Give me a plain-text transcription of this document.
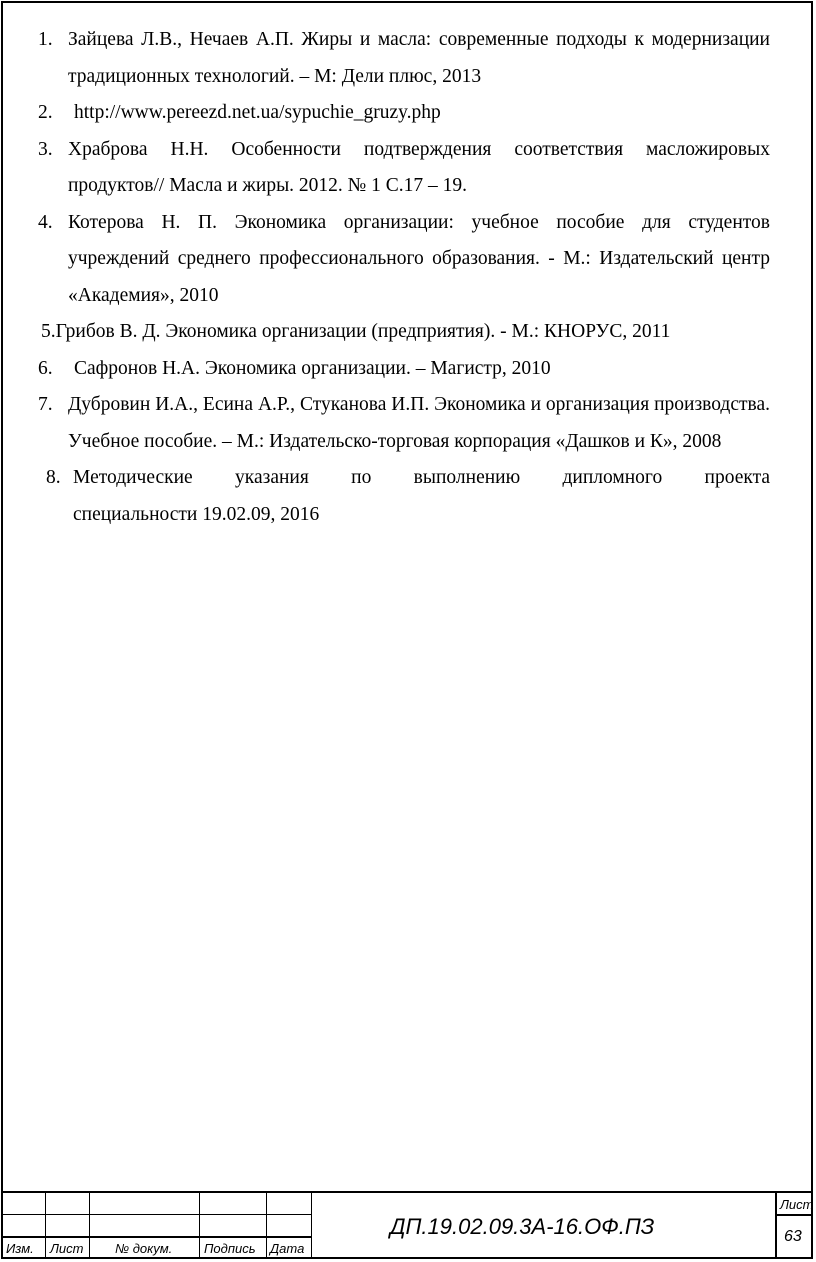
1. Зайцева Л.В., Нечаев А.П. Жиры и масла: современные подходы к модернизации традиционных технологий. – М: Дели плюс, 2013
2. http://www.pereezd.net.ua/sypuchie_gruzy.php
3. Храброва Н.Н. Особенности подтверждения соответствия масложировых продуктов// Масла и жиры. 2012. № 1 С.17 – 19.
4. Котерова Н. П. Экономика организации: учебное пособие для студентов учреждений среднего профессионального образования. - М.: Издательский центр «Академия», 2010
5.Грибов В. Д. Экономика организации (предприятия). - М.: КНОРУС, 2011
6. Сафронов Н.А. Экономика организации. – Магистр, 2010
7. Дубровин И.А., Есина А.Р., Стуканова И.П. Экономика и организация производства. Учебное пособие. – М.: Издательско-торговая корпорация «Дашков и К», 2008
8. Методические указания по выполнению дипломного проекта
специальности 19.02.09, 2016
Изм. Лист № докум. Подпись Дата
ДП.19.02.09.3А-16.ОФ.ПЗ
Лист
63
